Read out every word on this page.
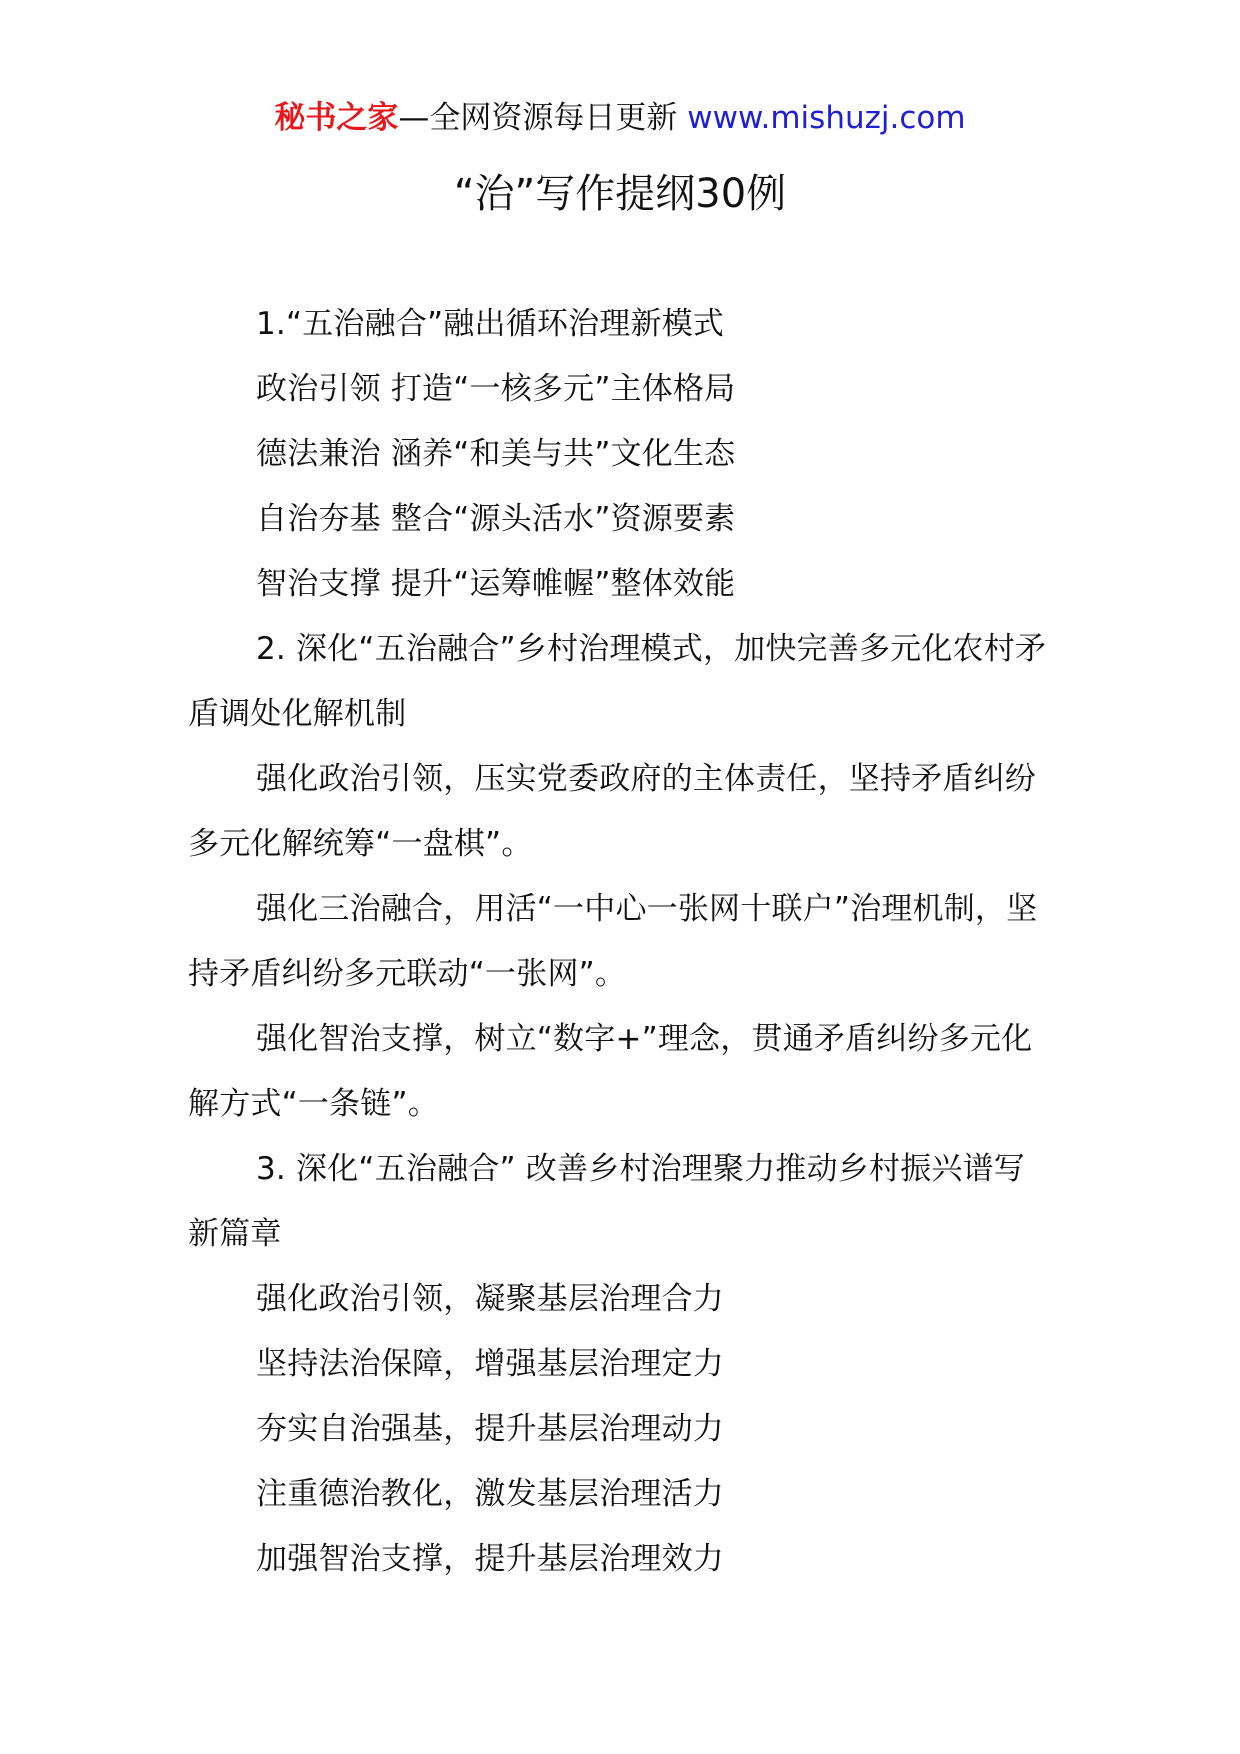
秘书之家—全网资源每日更新 www.mishuzj.com
“治”写作提纲30例

1.“五治融合”融出循环治理新模式

政治引领 打造“一核多元”主体格局

德法兼治 涵养“和美与共”文化生态

自治夯基 整合“源头活水”资源要素

智治支撑 提升“运筹帷幄”整体效能

2. 深化“五治融合”乡村治理模式，加快完善多元化农村矛盾调处化解机制

强化政治引领，压实党委政府的主体责任，坚持矛盾纠纷多元化解统筹“一盘棋”。

强化三治融合，用活“一中心一张网十联户”治理机制，坚持矛盾纠纷多元联动“一张网”。

强化智治支撑，树立“数字+”理念，贯通矛盾纠纷多元化解方式“一条链”。

3. 深化“五治融合” 改善乡村治理聚力推动乡村振兴谱写新篇章

强化政治引领，凝聚基层治理合力

坚持法治保障，增强基层治理定力

夯实自治强基，提升基层治理动力

注重德治教化，激发基层治理活力

加强智治支撑，提升基层治理效力
